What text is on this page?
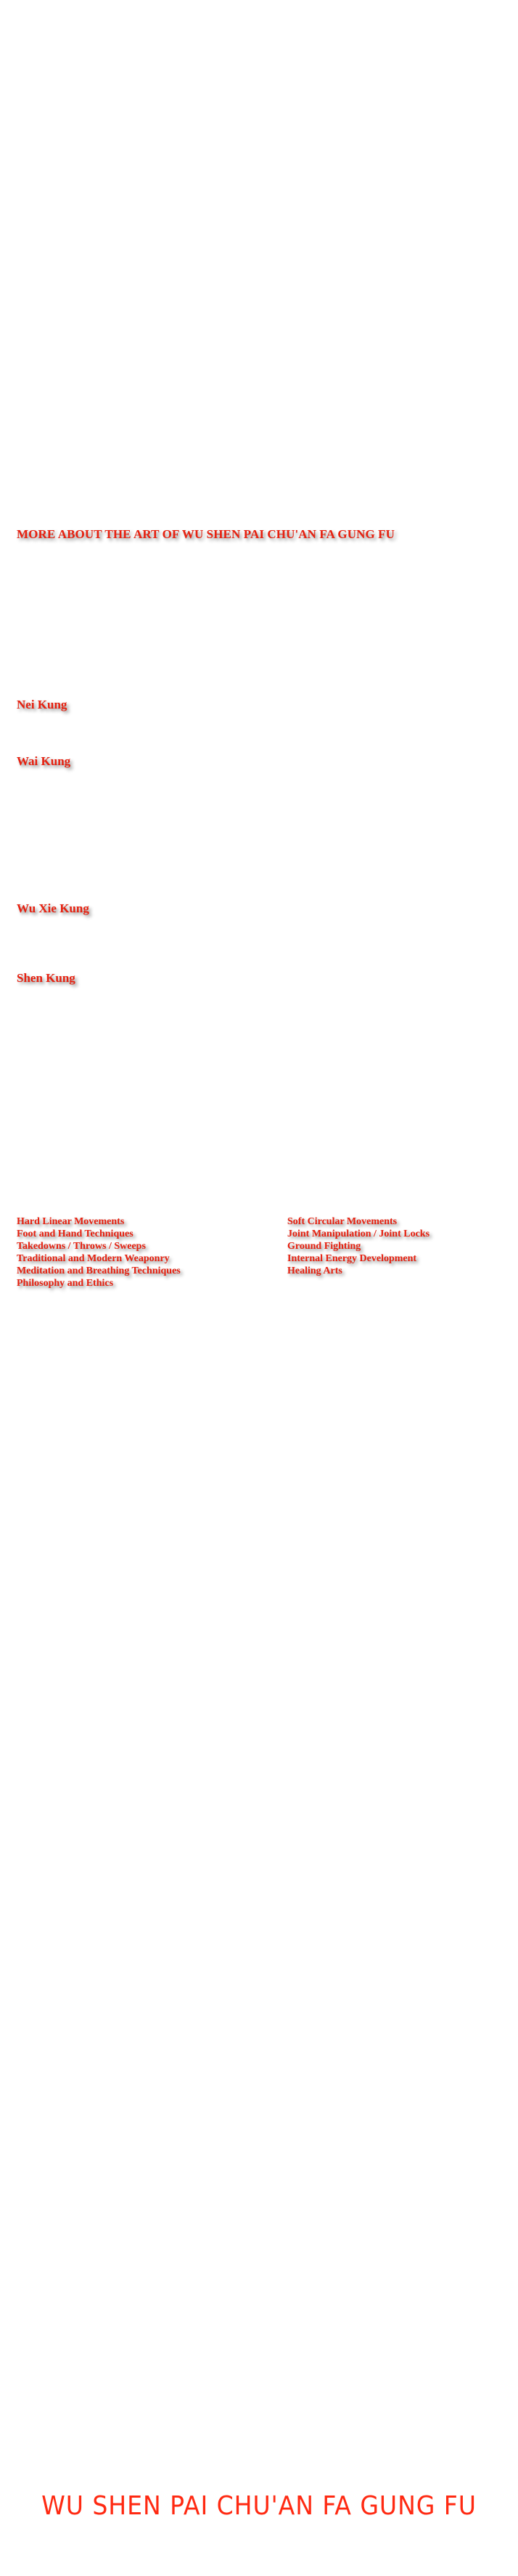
MORE ABOUT THE ART OF WU SHEN PAI CHU'AN FA GUNG FU
Nei Kung
Wai Kung
Wu Xie Kung
Shen Kung
Hard Linear Movements
Foot and Hand Techniques
Takedowns / Throws / Sweeps
Traditional and Modern Weaponry
Meditation and Breathing Techniques
Philosophy and Ethics
Soft Circular Movements
Joint Manipulation / Joint Locks
Ground Fighting
Internal Energy Development
Healing Arts
WU SHEN PAI CHU'AN FA GUNG FU
